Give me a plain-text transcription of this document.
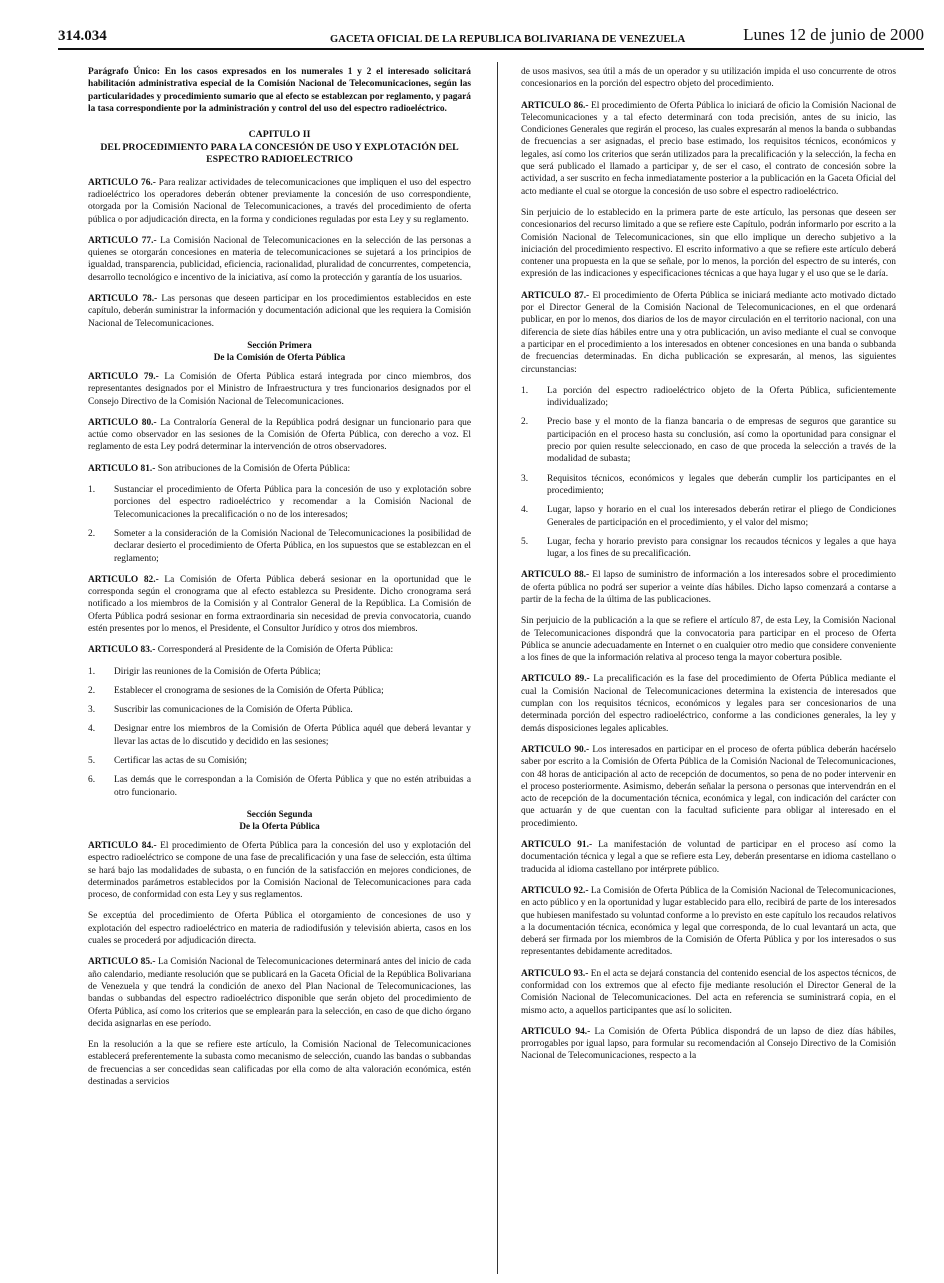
314.034	GACETA OFICIAL DE LA REPUBLICA BOLIVARIANA DE VENEZUELA	Lunes 12 de junio de 2000

Parágrafo Único: En los casos expresados en los numerales 1 y 2 el interesado solicitará habilitación administrativa especial de la Comisión Nacional de Telecomunicaciones, según las particularidades y procedimiento sumario que al efecto se establezcan por reglamento, y pagará la tasa correspondiente por la administración y control del uso del espectro radioeléctrico.

CAPITULO II
DEL PROCEDIMIENTO PARA LA CONCESIÓN DE USO Y EXPLOTACIÓN DEL ESPECTRO RADIOELECTRICO

ARTICULO 76.- Para realizar actividades de telecomunicaciones que impliquen el uso del espectro radioeléctrico los operadores deberán obtener previamente la concesión de uso correspondiente, otorgada por la Comisión Nacional de Telecomunicaciones, a través del procedimiento de oferta pública o por adjudicación directa, en la forma y condiciones reguladas por esta Ley y su reglamento.

ARTICULO 77.- La Comisión Nacional de Telecomunicaciones en la selección de las personas a quienes se otorgarán concesiones en materia de telecomunicaciones se sujetará a los principios de igualdad, transparencia, publicidad, eficiencia, racionalidad, pluralidad de concurrentes, competencia, desarrollo tecnológico e incentivo de la iniciativa, así como la protección y garantía de los usuarios.

ARTICULO 78.- Las personas que deseen participar en los procedimientos establecidos en este capítulo, deberán suministrar la información y documentación adicional que les requiera la Comisión Nacional de Telecomunicaciones.

Sección Primera
De la Comisión de Oferta Pública

ARTICULO 79.- La Comisión de Oferta Pública estará integrada por cinco miembros, dos representantes designados por el Ministro de Infraestructura y tres funcionarios designados por el Consejo Directivo de la Comisión Nacional de Telecomunicaciones.

ARTICULO 80.- La Contraloría General de la República podrá designar un funcionario para que actúe como observador en las sesiones de la Comisión de Oferta Pública, con derecho a voz. El reglamento de esta Ley podrá determinar la intervención de otros observadores.

ARTICULO 81.- Son atribuciones de la Comisión de Oferta Pública:

1. Sustanciar el procedimiento de Oferta Pública para la concesión de uso y explotación sobre porciones del espectro radioeléctrico y recomendar a la Comisión Nacional de Telecomunicaciones la precalificación o no de los interesados;
2. Someter a la consideración de la Comisión Nacional de Telecomunicaciones la posibilidad de declarar desierto el procedimiento de Oferta Pública, en los supuestos que se establezcan en el reglamento;

ARTICULO 82.- La Comisión de Oferta Pública deberá sesionar en la oportunidad que le corresponda según el cronograma que al efecto establezca su Presidente. Dicho cronograma será notificado a los miembros de la Comisión y al Contralor General de la República. La Comisión de Oferta Pública podrá sesionar en forma extraordinaria sin necesidad de previa convocatoria, cuando estén presentes por lo menos, el Presidente, el Consultor Jurídico y otros dos miembros.

ARTICULO 83.- Corresponderá al Presidente de la Comisión de Oferta Pública:

1. Dirigir las reuniones de la Comisión de Oferta Pública;
2. Establecer el cronograma de sesiones de la Comisión de Oferta Pública;
3. Suscribir las comunicaciones de la Comisión de Oferta Pública.
4. Designar entre los miembros de la Comisión de Oferta Pública aquél que deberá levantar y llevar las actas de lo discutido y decidido en las sesiones;
5. Certificar las actas de su Comisión;
6. Las demás que le correspondan a la Comisión de Oferta Pública y que no estén atribuidas a otro funcionario.
Sección Segunda
De la Oferta Pública

ARTICULO 84.- El procedimiento de Oferta Pública para la concesión del uso y explotación del espectro radioeléctrico se compone de una fase de precalificación y una fase de selección, esta última se hará bajo las modalidades de subasta, o en función de la satisfacción en mejores condiciones, de determinados parámetros establecidos por la Comisión Nacional de Telecomunicaciones para cada proceso, de conformidad con esta Ley y sus reglamentos.

Se exceptúa del procedimiento de Oferta Pública el otorgamiento de concesiones de uso y explotación del espectro radioeléctrico en materia de radiodifusión y televisión abierta, casos en los cuales se procederá por adjudicación directa.

ARTICULO 85.- La Comisión Nacional de Telecomunicaciones determinará antes del inicio de cada año calendario, mediante resolución que se publicará en la Gaceta Oficial de la República Bolivariana de Venezuela y que tendrá la condición de anexo del Plan Nacional de Telecomunicaciones, las bandas o subbandas del espectro radioeléctrico disponible que serán objeto del procedimiento de Oferta Pública, así como los criterios que se emplearán para la selección, en caso de que dicho órgano decida asignarlas en ese período.

En la resolución a la que se refiere este artículo, la Comisión Nacional de Telecomunicaciones establecerá preferentemente la subasta como mecanismo de selección, cuando las bandas o subbandas de frecuencias a ser concedidas sean calificadas por ella como de alta valoración económica, estén destinadas a servicios

de usos masivos, sea útil a más de un operador y su utilización impida el uso concurrente de otros concesionarios en la porción del espectro objeto del procedimiento.

ARTICULO 86.- El procedimiento de Oferta Pública lo iniciará de oficio la Comisión Nacional de Telecomunicaciones y a tal efecto determinará con toda precisión, antes de su inicio, las Condiciones Generales que regirán el proceso, las cuales expresarán al menos la banda o subbandas de frecuencias a ser asignadas, el precio base estimado, los requisitos técnicos, económicos y legales, así como los criterios que serán utilizados para la precalificación y la selección, la fecha en que será publicado el llamado a participar y, de ser el caso, el contrato de concesión sobre la actividad, a ser suscrito en fecha inmediatamente posterior a la publicación en la Gaceta Oficial del acto mediante el cual se otorgue la concesión de uso sobre el espectro radioeléctrico.

Sin perjuicio de lo establecido en la primera parte de este artículo, las personas que deseen ser concesionarios del recurso limitado a que se refiere este Capítulo, podrán informarlo por escrito a la Comisión Nacional de Telecomunicaciones, sin que ello implique un derecho subjetivo a la iniciación del procedimiento respectivo. El escrito informativo a que se refiere este artículo deberá contener una propuesta en la que se señale, por lo menos, la porción del espectro de su interés, con expresión de las indicaciones y especificaciones técnicas a que haya lugar y el uso que se le daría.

ARTICULO 87.- El procedimiento de Oferta Pública se iniciará mediante acto motivado dictado por el Director General de la Comisión Nacional de Telecomunicaciones, en el que ordenará publicar, en por lo menos, dos diarios de los de mayor circulación en el territorio nacional, con una diferencia de siete días hábiles entre una y otra publicación, un aviso mediante el cual se convoque a participar en el procedimiento a los interesados en obtener concesiones en una banda o subbanda de frecuencias determinadas. En dicha publicación se expresarán, al menos, las siguientes circunstancias:

1. La porción del espectro radioeléctrico objeto de la Oferta Pública, suficientemente individualizado;
2. Precio base y el monto de la fianza bancaria o de empresas de seguros que garantice su participación en el proceso hasta su conclusión, así como la oportunidad para consignar el precio por quien resulte seleccionado, en caso de que proceda la selección a través de la modalidad de subasta;
3. Requisitos técnicos, económicos y legales que deberán cumplir los participantes en el procedimiento;
4. Lugar, lapso y horario en el cual los interesados deberán retirar el pliego de Condiciones Generales de participación en el procedimiento, y el valor del mismo;
5. Lugar, fecha y horario previsto para consignar los recaudos técnicos y legales a que haya lugar, a los fines de su precalificación.

ARTICULO 88.- El lapso de suministro de información a los interesados sobre el procedimiento de oferta pública no podrá ser superior a veinte días hábiles. Dicho lapso comenzará a contarse a partir de la fecha de la última de las publicaciones.

Sin perjuicio de la publicación a la que se refiere el artículo 87, de esta Ley, la Comisión Nacional de Telecomunicaciones dispondrá que la convocatoria para participar en el proceso de Oferta Pública se anuncie adecuadamente en Internet o en cualquier otro medio que considere conveniente a los fines de que la información relativa al proceso tenga la mayor cobertura posible.

ARTICULO 89.- La precalificación es la fase del procedimiento de Oferta Pública mediante el cual la Comisión Nacional de Telecomunicaciones determina la existencia de interesados que cumplan con los requisitos técnicos, económicos y legales para ser concesionarios de una determinada porción del espectro radioeléctrico, conforme a las condiciones generales, la ley y demás disposiciones legales aplicables.

ARTICULO 90.- Los interesados en participar en el proceso de oferta pública deberán hacérselo saber por escrito a la Comisión de Oferta Pública de la Comisión Nacional de Telecomunicaciones, con 48 horas de anticipación al acto de recepción de documentos, so pena de no poder intervenir en el proceso posteriormente. Asimismo, deberán señalar la persona o personas que intervendrán en el acto de recepción de la documentación técnica, económica y legal, con indicación del carácter con que actuarán y de que cuentan con la facultad suficiente para obligar al interesado en el procedimiento.

ARTICULO 91.- La manifestación de voluntad de participar en el proceso así como la documentación técnica y legal a que se refiere esta Ley, deberán presentarse en idioma castellano o traducida al idioma castellano por intérprete público.

ARTICULO 92.- La Comisión de Oferta Pública de la Comisión Nacional de Telecomunicaciones, en acto público y en la oportunidad y lugar establecido para ello, recibirá de parte de los interesados que hubiesen manifestado su voluntad conforme a lo previsto en este capítulo los recaudos relativos a la documentación técnica, económica y legal que corresponda, de lo cual levantará un acta, que deberá ser firmada por los miembros de la Comisión de Oferta Pública y por los interesados o sus representantes debidamente acreditados.

ARTICULO 93.- En el acta se dejará constancia del contenido esencial de los aspectos técnicos, de conformidad con los extremos que al efecto fije mediante resolución el Director General de la Comisión Nacional de Telecomunicaciones. Del acta en referencia se suministrará copia, en el mismo acto, a aquellos participantes que así lo soliciten.

ARTICULO 94.- La Comisión de Oferta Pública dispondrá de un lapso de diez días hábiles, prorrogables por igual lapso, para formular su recomendación al Consejo Directivo de la Comisión Nacional de Telecomunicaciones, respecto a la
